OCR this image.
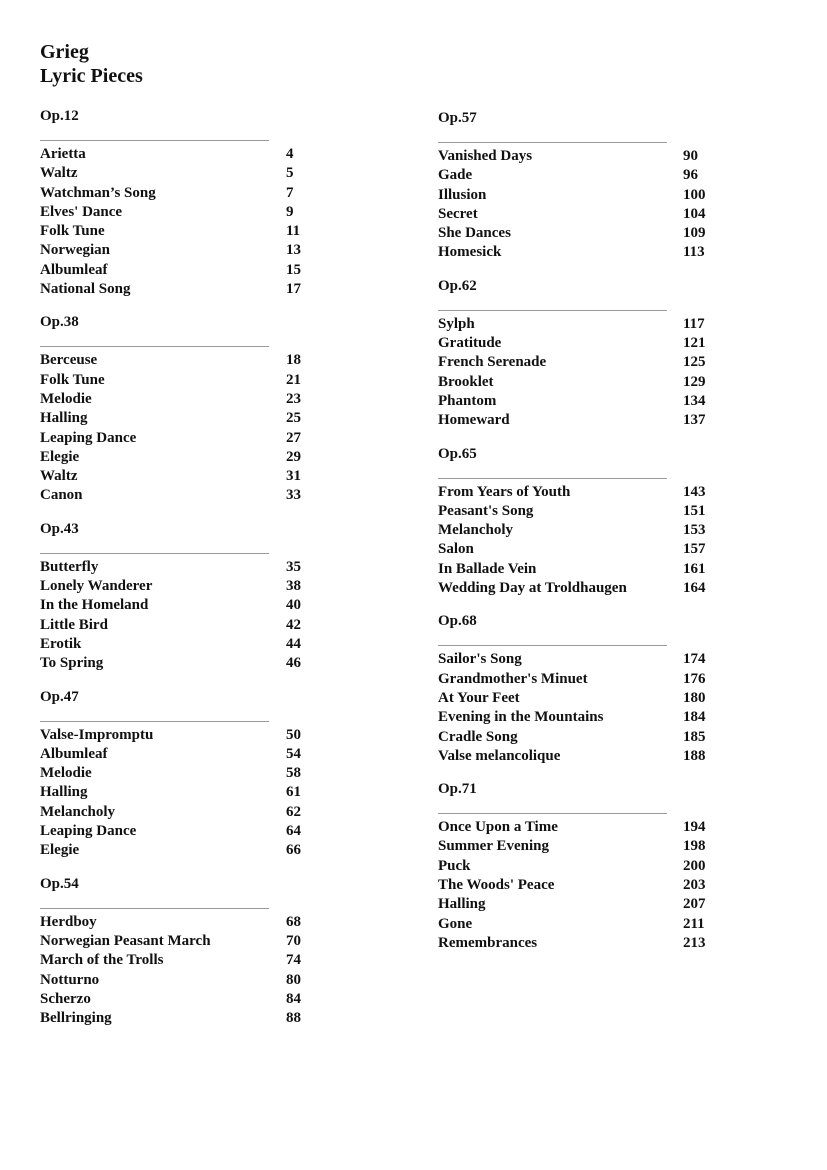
Grieg
Lyric Pieces
Op.12
Arietta	4
Waltz	5
Watchman’s Song	7
Elves' Dance	9
Folk Tune	11
Norwegian	13
Albumleaf	15
National Song	17
Op.38
Berceuse	18
Folk Tune	21
Melodie	23
Halling	25
Leaping Dance	27
Elegie	29
Waltz	31
Canon	33
Op.43
Butterfly	35
Lonely Wanderer	38
In the Homeland	40
Little Bird	42
Erotik	44
To Spring	46
Op.47
Valse-Impromptu	50
Albumleaf	54
Melodie	58
Halling	61
Melancholy	62
Leaping Dance	64
Elegie	66
Op.54
Herdboy	68
Norwegian Peasant March	70
March of the Trolls	74
Notturno	80
Scherzo	84
Bellringing	88
Op.57
Vanished Days	90
Gade	96
Illusion	100
Secret	104
She Dances	109
Homesick	113
Op.62
Sylph	117
Gratitude	121
French Serenade	125
Brooklet	129
Phantom	134
Homeward	137
Op.65
From Years of Youth	143
Peasant's Song	151
Melancholy	153
Salon	157
In Ballade Vein	161
Wedding Day at Troldhaugen	164
Op.68
Sailor's Song	174
Grandmother's Minuet	176
At Your Feet	180
Evening in the Mountains	184
Cradle Song	185
Valse melancolique	188
Op.71
Once Upon a Time	194
Summer Evening	198
Puck	200
The Woods' Peace	203
Halling	207
Gone	211
Remembrances	213
